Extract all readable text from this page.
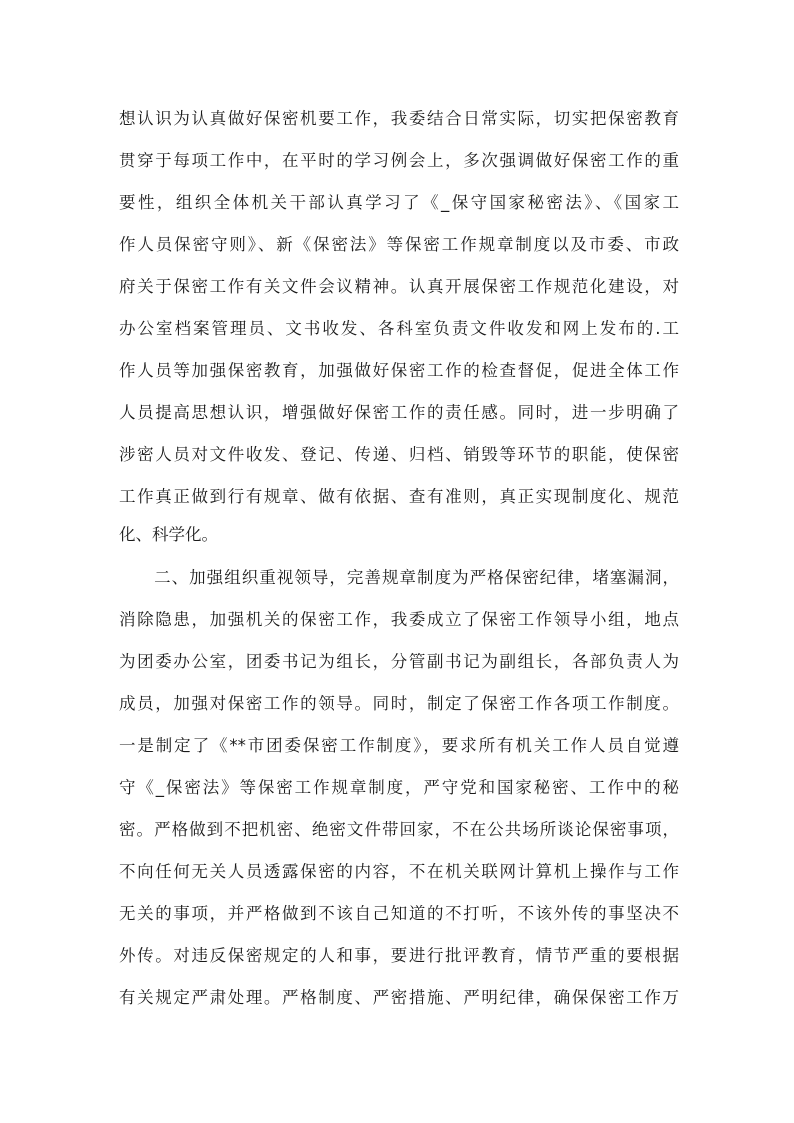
想认识为认真做好保密机要工作，我委结合日常实际，切实把保密教育
贯穿于每项工作中，在平时的学习例会上，多次强调做好保密工作的重
要性，组织全体机关干部认真学习了《_保守国家秘密法》、《国家工
作人员保密守则》、新《保密法》等保密工作规章制度以及市委、市政
府关于保密工作有关文件会议精神。认真开展保密工作规范化建设，对
办公室档案管理员、文书收发、各科室负责文件收发和网上发布的.工
作人员等加强保密教育，加强做好保密工作的检查督促，促进全体工作
人员提高思想认识，增强做好保密工作的责任感。同时，进一步明确了
涉密人员对文件收发、登记、传递、归档、销毁等环节的职能，使保密
工作真正做到行有规章、做有依据、查有准则，真正实现制度化、规范
化、科学化。
　　二、加强组织重视领导，完善规章制度为严格保密纪律，堵塞漏洞，
消除隐患，加强机关的保密工作，我委成立了保密工作领导小组，地点
为团委办公室，团委书记为组长，分管副书记为副组长，各部负责人为
成员，加强对保密工作的领导。同时，制定了保密工作各项工作制度。
一是制定了《**市团委保密工作制度》，要求所有机关工作人员自觉遵
守《_保密法》等保密工作规章制度，严守党和国家秘密、工作中的秘
密。严格做到不把机密、绝密文件带回家，不在公共场所谈论保密事项，
不向任何无关人员透露保密的内容，不在机关联网计算机上操作与工作
无关的事项，并严格做到不该自己知道的不打听，不该外传的事坚决不
外传。对违反保密规定的人和事，要进行批评教育，情节严重的要根据
有关规定严肃处理。严格制度、严密措施、严明纪律，确保保密工作万
